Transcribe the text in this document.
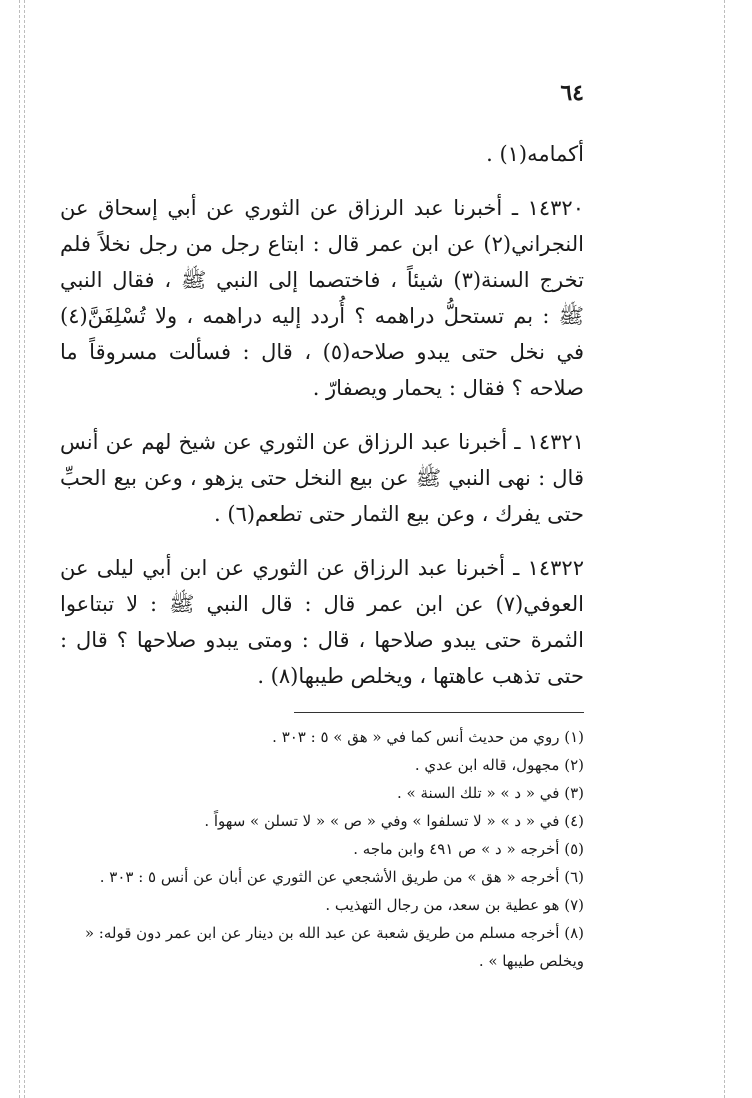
٦٤

أكمامه(١) .

١٤٣٢٠ ـ أخبرنا عبد الرزاق عن الثوري عن أبي إسحاق عن النجراني(٢) عن ابن عمر قال : ابتاع رجل من رجل نخلاً فلم تخرج السنة(٣) شيئاً ، فاختصما إلى النبي ﷺ ، فقال النبي ﷺ : بم تستحلُّ دراهمه ؟ أُردد إليه دراهمه ، ولا تُسْلِفَنَّ(٤) في نخل حتى يبدو صلاحه(٥) ، قال : فسألت مسروقاً ما صلاحه ؟ فقال : يحمار ويصفارّ .

١٤٣٢١ ـ أخبرنا عبد الرزاق عن الثوري عن شيخ لهم عن أنس قال : نهى النبي ﷺ عن بيع النخل حتى يزهو ، وعن بيع الحبِّ حتى يفرك ، وعن بيع الثمار حتى تطعم(٦) .

١٤٣٢٢ ـ أخبرنا عبد الرزاق عن الثوري عن ابن أبي ليلى عن العوفي(٧) عن ابن عمر قال : قال النبي ﷺ : لا تبتاعوا الثمرة حتى يبدو صلاحها ، قال : ومتى يبدو صلاحها ؟ قال : حتى تذهب عاهتها ، ويخلص طيبها(٨) .

(١) روي من حديث أنس كما في « هق » ٥ : ٣٠٣ .

(٢) مجهول، قاله ابن عدي .

(٣) في « د » « تلك السنة » .

(٤) في « د » « لا تسلفوا » وفي « ص » « لا تسلن » سهواً .

(٥) أخرجه « د » ص ٤٩١ وابن ماجه .

(٦) أخرجه « هق » من طريق الأشجعي عن الثوري عن أبان عن أنس ٥ : ٣٠٣ .

(٧) هو عطية بن سعد، من رجال التهذيب .

(٨) أخرجه مسلم من طريق شعبة عن عبد الله بن دينار عن ابن عمر دون قوله: « ويخلص طيبها » .
